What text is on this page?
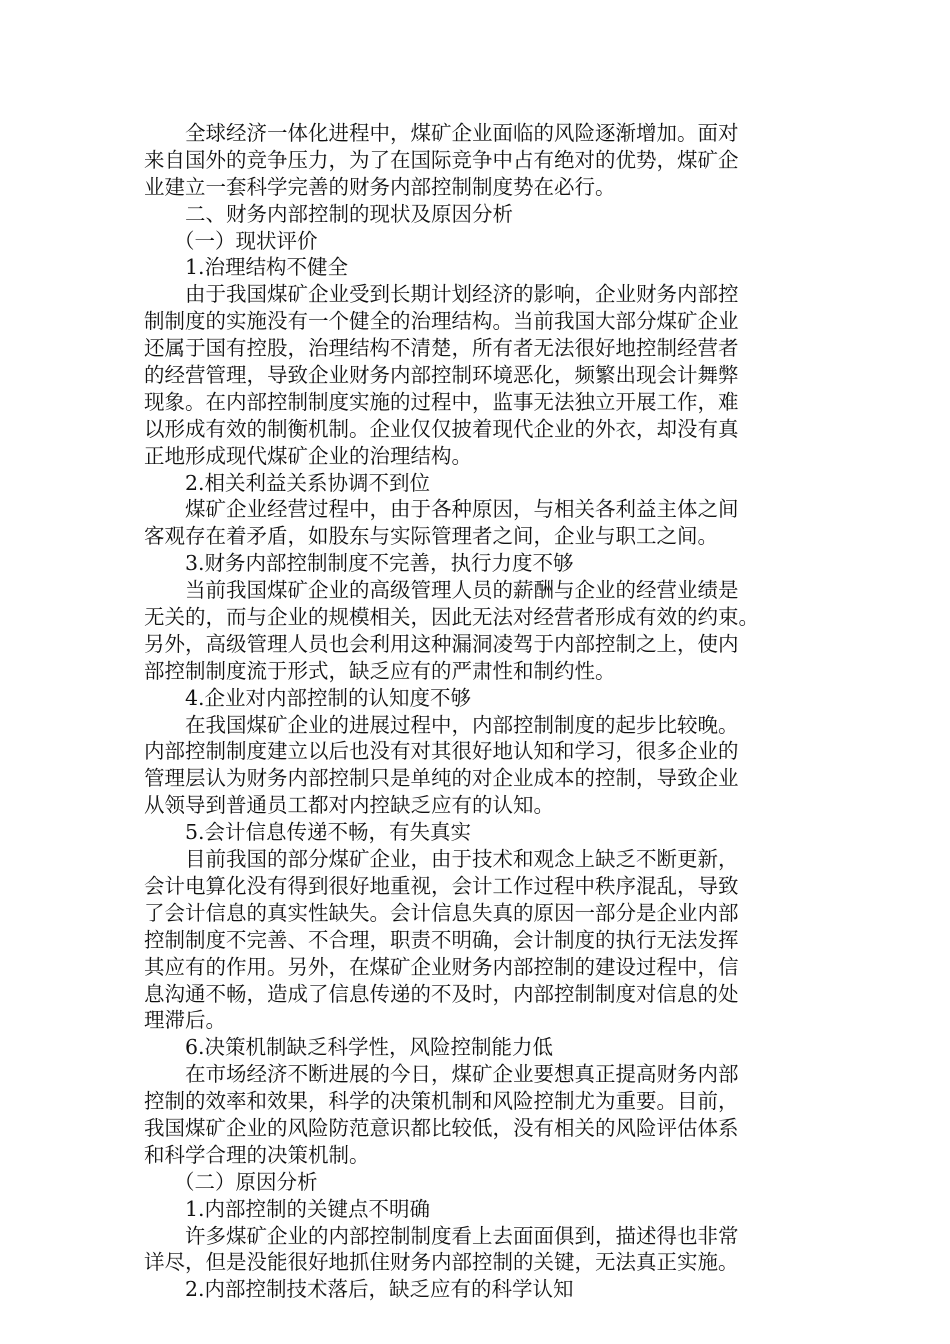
全球经济一体化进程中，煤矿企业面临的风险逐渐增加。面对
来自国外的竞争压力，为了在国际竞争中占有绝对的优势，煤矿企
业建立一套科学完善的财务内部控制制度势在必行。
二、财务内部控制的现状及原因分析
（一）现状评价
1.治理结构不健全
由于我国煤矿企业受到长期计划经济的影响，企业财务内部控
制制度的实施没有一个健全的治理结构。当前我国大部分煤矿企业
还属于国有控股，治理结构不清楚，所有者无法很好地控制经营者
的经营管理，导致企业财务内部控制环境恶化，频繁出现会计舞弊
现象。在内部控制制度实施的过程中，监事无法独立开展工作，难
以形成有效的制衡机制。企业仅仅披着现代企业的外衣，却没有真
正地形成现代煤矿企业的治理结构。
2.相关利益关系协调不到位
煤矿企业经营过程中，由于各种原因，与相关各利益主体之间
客观存在着矛盾，如股东与实际管理者之间，企业与职工之间。
3.财务内部控制制度不完善，执行力度不够
当前我国煤矿企业的高级管理人员的薪酬与企业的经营业绩是
无关的，而与企业的规模相关，因此无法对经营者形成有效的约束。
另外，高级管理人员也会利用这种漏洞凌驾于内部控制之上，使内
部控制制度流于形式，缺乏应有的严肃性和制约性。
4.企业对内部控制的认知度不够
在我国煤矿企业的进展过程中，内部控制制度的起步比较晚。
内部控制制度建立以后也没有对其很好地认知和学习，很多企业的
管理层认为财务内部控制只是单纯的对企业成本的控制，导致企业
从领导到普通员工都对内控缺乏应有的认知。
5.会计信息传递不畅，有失真实
目前我国的部分煤矿企业，由于技术和观念上缺乏不断更新，
会计电算化没有得到很好地重视，会计工作过程中秩序混乱，导致
了会计信息的真实性缺失。会计信息失真的原因一部分是企业内部
控制制度不完善、不合理，职责不明确，会计制度的执行无法发挥
其应有的作用。另外，在煤矿企业财务内部控制的建设过程中，信
息沟通不畅，造成了信息传递的不及时，内部控制制度对信息的处
理滞后。
6.决策机制缺乏科学性，风险控制能力低
在市场经济不断进展的今日，煤矿企业要想真正提高财务内部
控制的效率和效果，科学的决策机制和风险控制尤为重要。目前，
我国煤矿企业的风险防范意识都比较低，没有相关的风险评估体系
和科学合理的决策机制。
（二）原因分析
1.内部控制的关键点不明确
许多煤矿企业的内部控制制度看上去面面俱到，描述得也非常
详尽，但是没能很好地抓住财务内部控制的关键，无法真正实施。
2.内部控制技术落后，缺乏应有的科学认知
